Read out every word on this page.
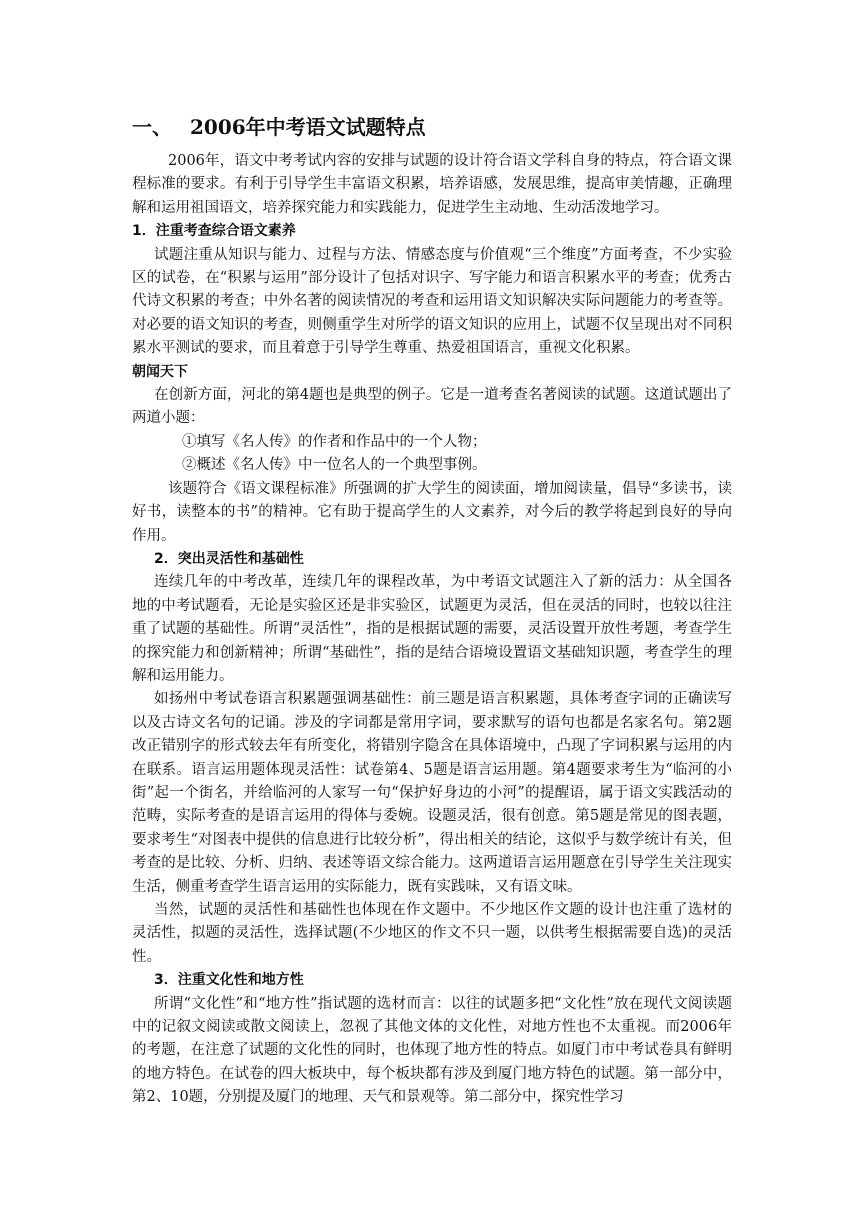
一、 2006年中考语文试题特点

2006年，语文中考考试内容的安排与试题的设计符合语文学科自身的特点，符合语文课程标准的要求。有利于引导学生丰富语文积累，培养语感，发展思维，提高审美情趣，正确理解和运用祖国语文，培养探究能力和实践能力，促进学生主动地、生动活泼地学习。

1．注重考查综合语文素养

试题注重从知识与能力、过程与方法、情感态度与价值观“三个维度”方面考查，不少实验区的试卷，在“积累与运用”部分设计了包括对识字、写字能力和语言积累水平的考查；优秀古代诗文积累的考查；中外名著的阅读情况的考查和运用语文知识解决实际问题能力的考查等。对必要的语文知识的考查，则侧重学生对所学的语文知识的应用上，试题不仅呈现出对不同积累水平测试的要求，而且着意于引导学生尊重、热爱祖国语言，重视文化积累。

朝闻天下

在创新方面，河北的第4题也是典型的例子。它是一道考查名著阅读的试题。这道试题出了两道小题：

①填写《名人传》的作者和作品中的一个人物；

②概述《名人传》中一位名人的一个典型事例。

该题符合《语文课程标准》所强调的扩大学生的阅读面，增加阅读量，倡导“多读书，读好书，读整本的书”的精神。它有助于提高学生的人文素养，对今后的教学将起到良好的导向作用。

2．突出灵活性和基础性

连续几年的中考改革，连续几年的课程改革，为中考语文试题注入了新的活力：从全国各地的中考试题看，无论是实验区还是非实验区，试题更为灵活，但在灵活的同时，也较以往注重了试题的基础性。所谓“灵活性”，指的是根据试题的需要，灵活设置开放性考题，考查学生的探究能力和创新精神；所谓“基础性”，指的是结合语境设置语文基础知识题，考查学生的理解和运用能力。

如扬州中考试卷语言积累题强调基础性：前三题是语言积累题，具体考查字词的正确读写以及古诗文名句的记诵。涉及的字词都是常用字词，要求默写的语句也都是名家名句。第2题改正错别字的形式较去年有所变化，将错别字隐含在具体语境中，凸现了字词积累与运用的内在联系。语言运用题体现灵活性：试卷第4、5题是语言运用题。第4题要求考生为“临河的小街”起一个街名，并给临河的人家写一句“保护好身边的小河”的提醒语，属于语文实践活动的范畴，实际考查的是语言运用的得体与委婉。设题灵活，很有创意。第5题是常见的图表题，要求考生“对图表中提供的信息进行比较分析”，得出相关的结论，这似乎与数学统计有关，但考查的是比较、分析、归纳、表述等语文综合能力。这两道语言运用题意在引导学生关注现实生活，侧重考查学生语言运用的实际能力，既有实践味，又有语文味。

当然，试题的灵活性和基础性也体现在作文题中。不少地区作文题的设计也注重了选材的灵活性，拟题的灵活性，选择试题(不少地区的作文不只一题，以供考生根据需要自选)的灵活性。

3．注重文化性和地方性

所谓“文化性”和“地方性”指试题的选材而言：以往的试题多把“文化性”放在现代文阅读题中的记叙文阅读或散文阅读上，忽视了其他文体的文化性，对地方性也不太重视。而2006年的考题，在注意了试题的文化性的同时，也体现了地方性的特点。如厦门市中考试卷具有鲜明的地方特色。在试卷的四大板块中，每个板块都有涉及到厦门地方特色的试题。第一部分中，第2、10题，分别提及厦门的地理、天气和景观等。第二部分中，探究性学习
